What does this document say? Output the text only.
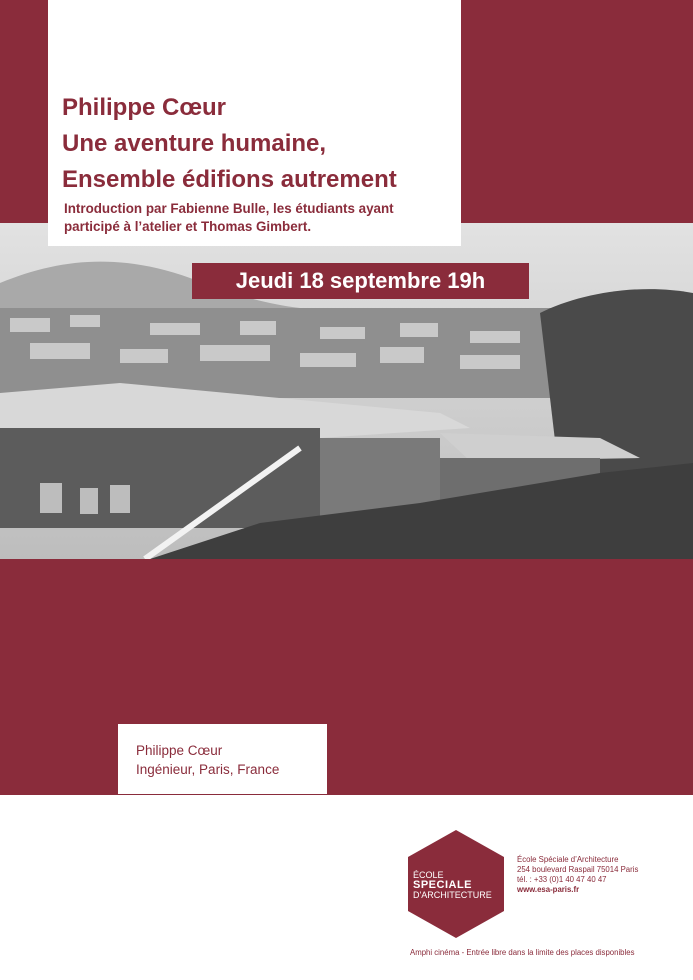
Philippe Cœur
Une aventure humaine,
Ensemble édifions autrement
Introduction par Fabienne Bulle, les étudiants ayant
participé à l’atelier et Thomas Gimbert.
Jeudi 18 septembre 19h
Philippe Cœur
Ingénieur, Paris, France
ÉCOLE
SPECIALE
D'ARCHITECTURE
École Spéciale d’Architecture
254 boulevard Raspail 75014 Paris
tél. : +33 (0)1 40 47 40 47
www.esa-paris.fr
Amphi cinéma - Entrée libre dans la limite des places disponibles
